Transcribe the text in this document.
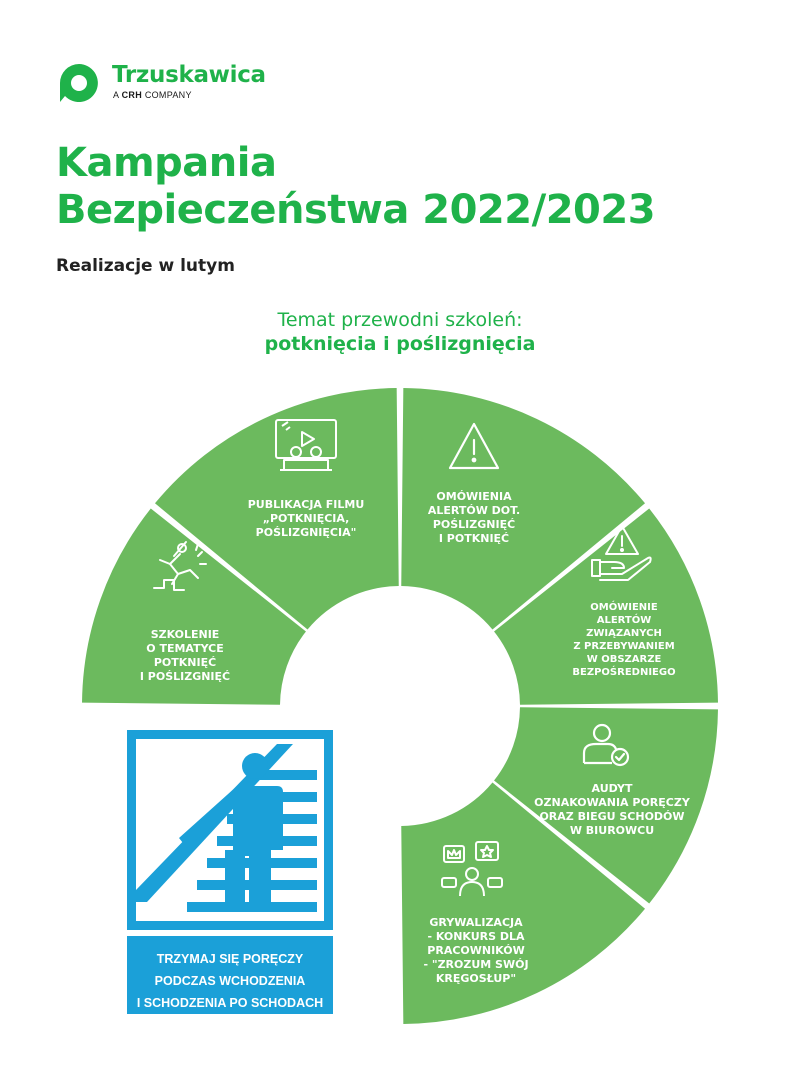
Trzuskawica
A CRH COMPANY
Kampania
Bezpieczeństwa 2022/2023
Realizacje w lutym
Temat przewodni szkoleń:
potknięcia i poślizgnięcia
SZKOLENIE O TEMATYCE POTKNIĘĆ I POŚLIZGNIĘĆ
PUBLIKACJA FILMU „POTKNIĘCIA, POŚLIZGNIĘCIA"
OMÓWIENIA ALERTÓW DOT. POŚLIZGNIĘĆ I POTKNIĘĆ
OMÓWIENIE ALERTÓW ZWIĄZANYCH Z PRZEBYWANIEM W OBSZARZE BEZPOŚREDNIEGO
AUDYT OZNAKOWANIA PORĘCZY ORAZ BIEGU SCHODÓW W BIUROWCU
GRYWALIZACJA - KONKURS DLA PRACOWNIKÓW - "ZROZUM SWÓJ KRĘGOSŁUP"
TRZYMAJ SIĘ PORĘCZY
PODCZAS WCHODZENIA
I SCHODZENIA PO SCHODACH
